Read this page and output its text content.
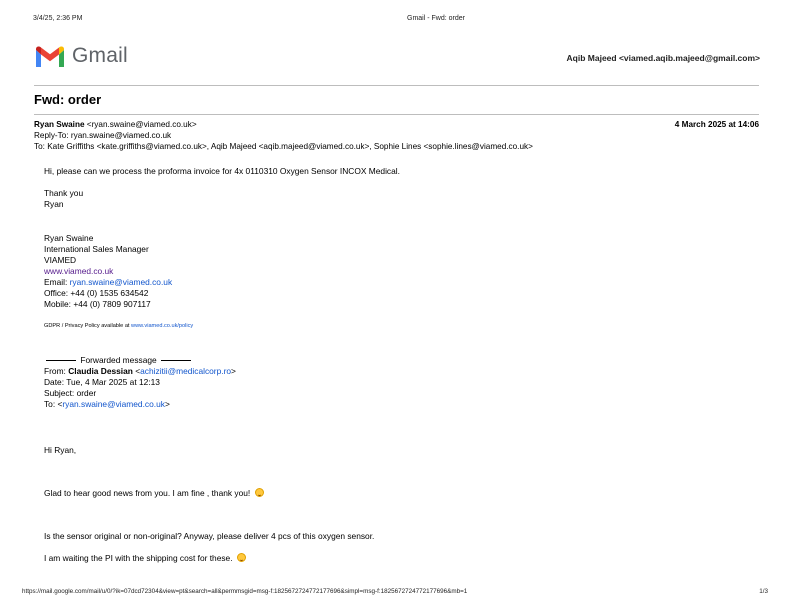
3/4/25, 2:36 PM	Gmail - Fwd: order
Gmail	Aqib Majeed <viamed.aqib.majeed@gmail.com>
Fwd: order
Ryan Swaine <ryan.swaine@viamed.co.uk>	4 March 2025 at 14:06
Reply-To: ryan.swaine@viamed.co.uk
To: Kate Griffiths <kate.griffiths@viamed.co.uk>, Aqib Majeed <aqib.majeed@viamed.co.uk>, Sophie Lines <sophie.lines@viamed.co.uk>
Hi, please can we process the proforma invoice for 4x 0110310 Oxygen Sensor INCOX Medical.
Thank you
Ryan
Ryan Swaine
International Sales Manager
VIAMED
www.viamed.co.uk
Email: ryan.swaine@viamed.co.uk
Office: +44 (0) 1535 634542
Mobile: +44 (0) 7809 907117
GDPR / Privacy Policy available at www.viamed.co.uk/policy
Forwarded message
From: Claudia Dessian <achizitii@medicalcorp.ro>
Date: Tue, 4 Mar 2025 at 12:13
Subject: order
To: <ryan.swaine@viamed.co.uk>
Hi Ryan,
Glad to hear good news from you. I am fine , thank you!
Is the sensor original or non-original? Anyway, please deliver 4 pcs of this oxygen sensor.
I am waiting the PI with the shipping cost for these.
https://mail.google.com/mail/u/0/?ik=07dcd72304&view=pt&search=all&permmsgid=msg-f:1825672724772177696&simpl=msg-f:1825672724772177696&mb=1	1/3
